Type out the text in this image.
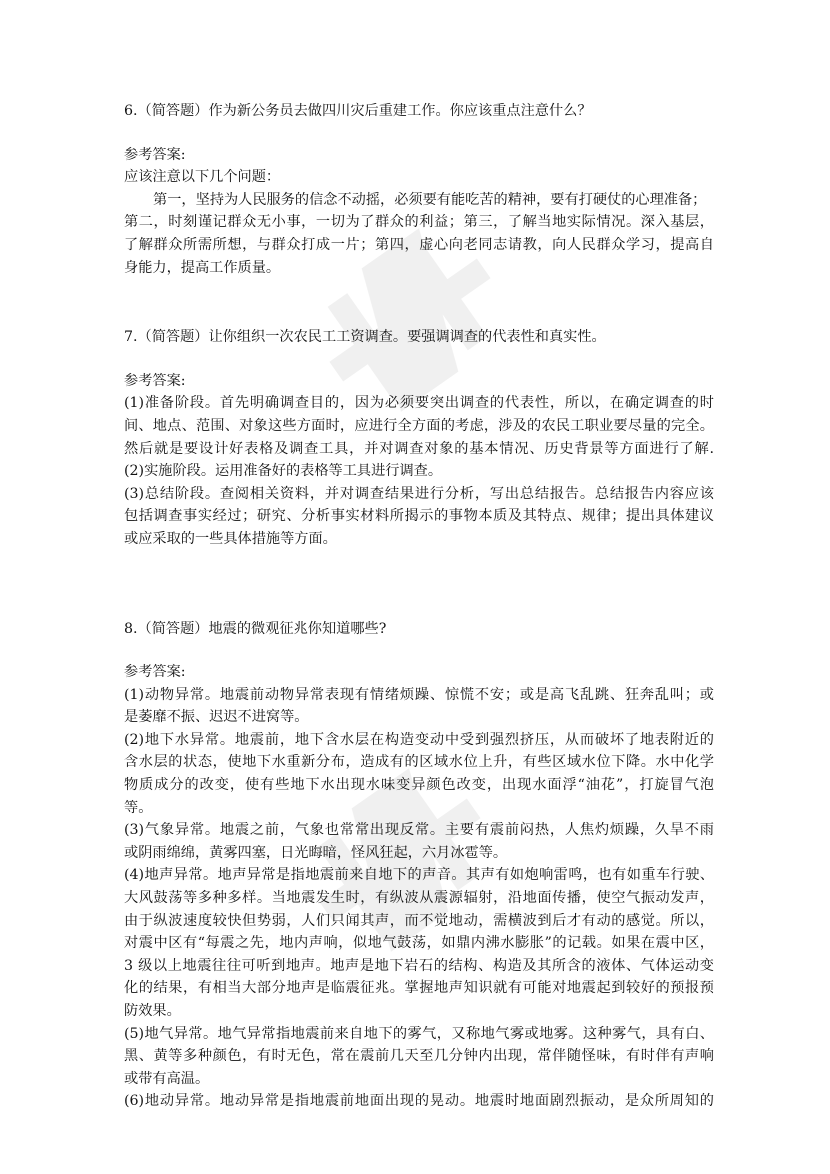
6.（简答题）作为新公务员去做四川灾后重建工作。你应该重点注意什么？
参考答案:
应该注意以下几个问题：
第一，坚持为人民服务的信念不动摇，必须要有能吃苦的精神，要有打硬仗的心理准备；
第二，时刻谨记群众无小事，一切为了群众的利益；第三，了解当地实际情况。深入基层，
了解群众所需所想，与群众打成一片；第四，虚心向老同志请教，向人民群众学习，提高自
身能力，提高工作质量。
7.（简答题）让你组织一次农民工工资调查。要强调调查的代表性和真实性。
参考答案:
(1)准备阶段。首先明确调查目的，因为必须要突出调查的代表性，所以，在确定调查的时
间、地点、范围、对象这些方面时，应进行全方面的考虑，涉及的农民工职业要尽量的完全。
然后就是要设计好表格及调查工具，并对调查对象的基本情况、历史背景等方面进行了解.
(2)实施阶段。运用准备好的表格等工具进行调查。
(3)总结阶段。查阅相关资料，并对调查结果进行分析，写出总结报告。总结报告内容应该
包括调查事实经过；研究、分析事实材料所揭示的事物本质及其特点、规律；提出具体建议
或应采取的一些具体措施等方面。
8.（简答题）地震的微观征兆你知道哪些?
参考答案:
(1)动物异常。地震前动物异常表现有情绪烦躁、惊慌不安；或是高飞乱跳、狂奔乱叫；或
是萎靡不振、迟迟不进窝等。
(2)地下水异常。地震前，地下含水层在构造变动中受到强烈挤压，从而破坏了地表附近的
含水层的状态，使地下水重新分布，造成有的区域水位上升，有些区域水位下降。水中化学
物质成分的改变，使有些地下水出现水味变异颜色改变，出现水面浮“油花”，打旋冒气泡
等。
(3)气象异常。地震之前，气象也常常出现反常。主要有震前闷热，人焦灼烦躁，久旱不雨
或阴雨绵绵，黄雾四塞，日光晦暗，怪风狂起，六月冰雹等。
(4)地声异常。地声异常是指地震前来自地下的声音。其声有如炮响雷鸣，也有如重车行驶、
大风鼓荡等多种多样。当地震发生时，有纵波从震源辐射，沿地面传播，使空气振动发声，
由于纵波速度较快但势弱，人们只闻其声，而不觉地动，需横波到后才有动的感觉。所以，
对震中区有“每震之先，地内声响，似地气鼓荡，如鼎内沸水膨胀”的记载。如果在震中区，
3 级以上地震往往可听到地声。地声是地下岩石的结构、构造及其所含的液体、气体运动变
化的结果，有相当大部分地声是临震征兆。掌握地声知识就有可能对地震起到较好的预报预
防效果。
(5)地气异常。地气异常指地震前来自地下的雾气，又称地气雾或地雾。这种雾气，具有白、
黑、黄等多种颜色，有时无色，常在震前几天至几分钟内出现，常伴随怪味，有时伴有声响
或带有高温。
(6)地动异常。地动异常是指地震前地面出现的晃动。地震时地面剧烈振动，是众所周知的
